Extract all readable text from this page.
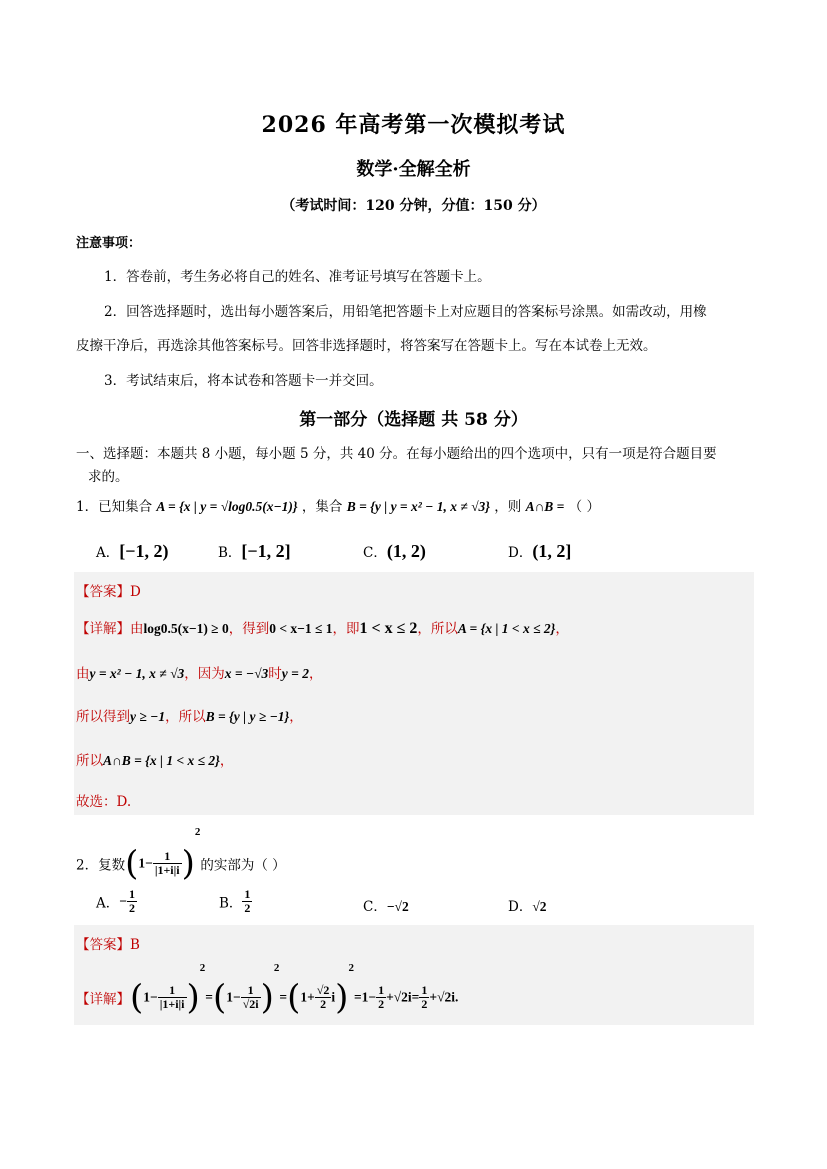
2026 年高考第一次模拟考试
数学·全解全析
（考试时间：120 分钟，分值：150 分）
注意事项：
1．答卷前，考生务必将自己的姓名、准考证号填写在答题卡上。
2．回答选择题时，选出每小题答案后，用铅笔把答题卡上对应题目的答案标号涂黑。如需改动，用橡
皮擦干净后，再选涂其他答案标号。回答非选择题时，将答案写在答题卡上。写在本试卷上无效。
3．考试结束后，将本试卷和答题卡一并交回。
第一部分（选择题 共 58 分）
一、选择题：本题共 8 小题，每小题 5 分，共 40 分。在每小题给出的四个选项中，只有一项是符合题目要
求的。
1．已知集合 A = {x | y = √log0.5(x−1)} ，集合 B = {y | y = x² − 1, x ≠ √3} ，则 A∩B = （ ）
A．[−1, 2)	B．[−1, 2]	C．(1, 2)	D．(1, 2]
【答案】D
【详解】由log0.5(x−1) ≥ 0，得到0 < x−1 ≤ 1，即1 < x ≤ 2，所以A = {x | 1 < x ≤ 2}，
由y = x² − 1, x ≠ √3，因为x = −√3时y = 2，
所以得到y ≥ −1，所以B = {y | y ≥ −1}，
所以A∩B = {x | 1 < x ≤ 2}，
故选：D.
2．复数$(1- \frac{1}{|1+i|i} )^2$的实部为（ ）
A．− $\frac{1}{2}$	B． $\frac{1}{2}$	C．−√2	D．√2
【答案】B
【详解】$(1- \frac{1}{|1+i|i} )^2=(1- \frac{1}{√2i} )^2=(1+ \frac{√2}{2} i)^2=1- \frac{1}{2} +√2i= \frac{1}{2} +√2i$.
